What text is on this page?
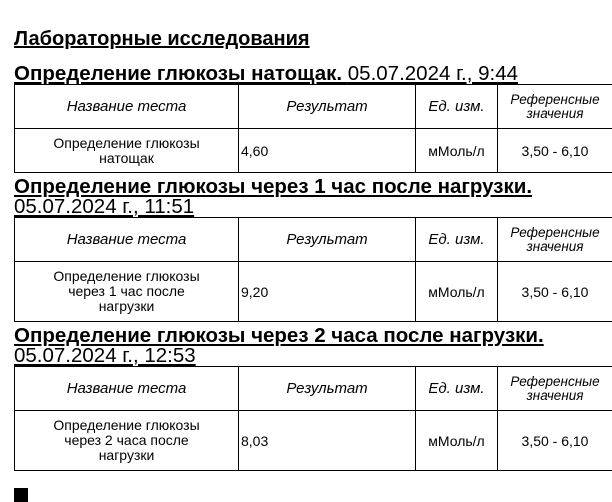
Лабораторные исследования
Определение глюкозы натощак. 05.07.2024 г., 9:44
Название теста	Результат	Ед. изм.	Референсные
значения

Определение глюкозы
натощак	4,60	мМоль/л	3,50 - 6,10
Определение глюкозы через 1 час после нагрузки.
05.07.2024 г., 11:51
Название теста	Результат	Ед. изм.	Референсные
значения

Определение глюкозы
через 1 час после
нагрузки	9,20	мМоль/л	3,50 - 6,10
Определение глюкозы через 2 часа после нагрузки.
05.07.2024 г., 12:53
Название теста	Результат	Ед. изм.	Референсные
значения

Определение глюкозы
через 2 часа после
нагрузки	8,03	мМоль/л	3,50 - 6,10
